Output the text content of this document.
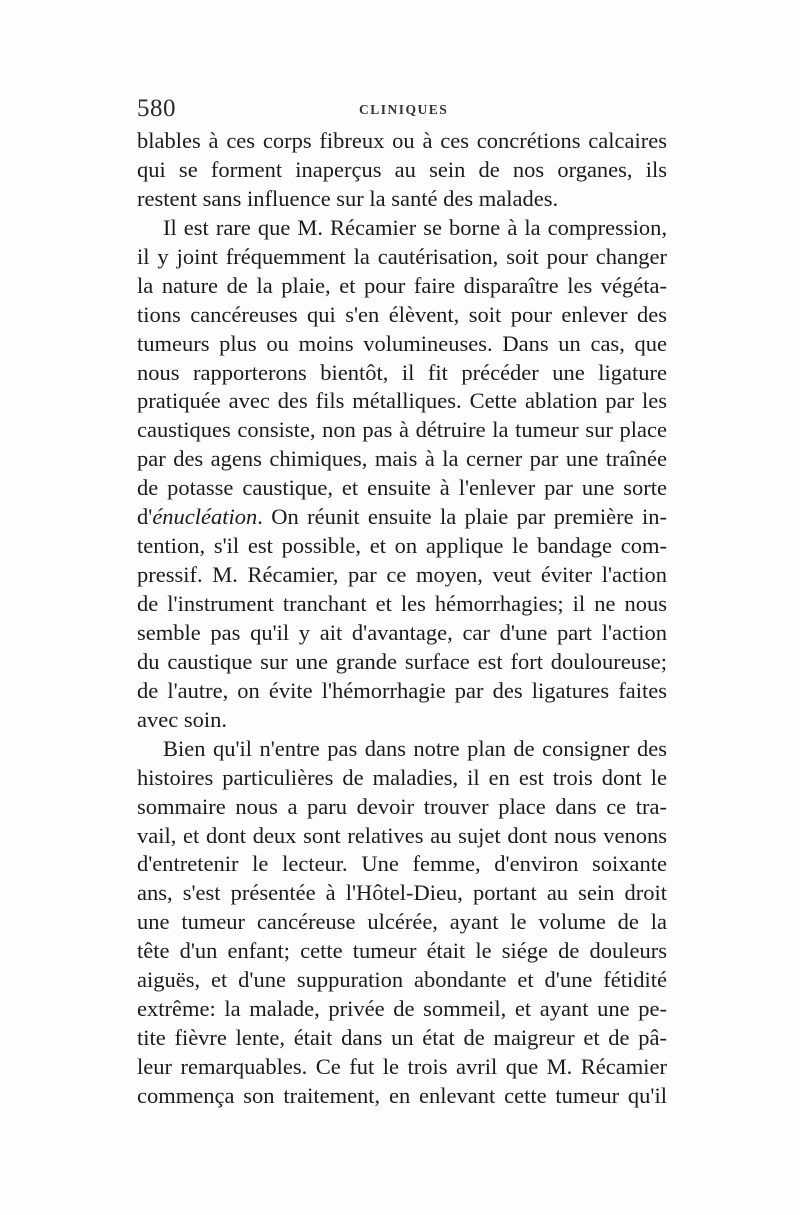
580	CLINIQUES
blables à ces corps fibreux ou à ces concrétions calcaires
qui se forment inaperçus au sein de nos organes, ils
restent sans influence sur la santé des malades.
Il est rare que M. Récamier se borne à la compression,
il y joint fréquemment la cautérisation, soit pour changer
la nature de la plaie, et pour faire disparaître les végéta-
tions cancéreuses qui s'en élèvent, soit pour enlever des
tumeurs plus ou moins volumineuses. Dans un cas, que
nous rapporterons bientôt, il fit précéder une ligature
pratiquée avec des fils métalliques. Cette ablation par les
caustiques consiste, non pas à détruire la tumeur sur place
par des agens chimiques, mais à la cerner par une traînée
de potasse caustique, et ensuite à l'enlever par une sorte
d'énucléation. On réunit ensuite la plaie par première in-
tention, s'il est possible, et on applique le bandage com-
pressif. M. Récamier, par ce moyen, veut éviter l'action
de l'instrument tranchant et les hémorrhagies; il ne nous
semble pas qu'il y ait d'avantage, car d'une part l'action
du caustique sur une grande surface est fort douloureuse;
de l'autre, on évite l'hémorrhagie par des ligatures faites
avec soin.
Bien qu'il n'entre pas dans notre plan de consigner des
histoires particulières de maladies, il en est trois dont le
sommaire nous a paru devoir trouver place dans ce tra-
vail, et dont deux sont relatives au sujet dont nous venons
d'entretenir le lecteur. Une femme, d'environ soixante
ans, s'est présentée à l'Hôtel-Dieu, portant au sein droit
une tumeur cancéreuse ulcérée, ayant le volume de la
tête d'un enfant; cette tumeur était le siége de douleurs
aiguës, et d'une suppuration abondante et d'une fétidité
extrême: la malade, privée de sommeil, et ayant une pe-
tite fièvre lente, était dans un état de maigreur et de pâ-
leur remarquables. Ce fut le trois avril que M. Récamier
commença son traitement, en enlevant cette tumeur qu'il
